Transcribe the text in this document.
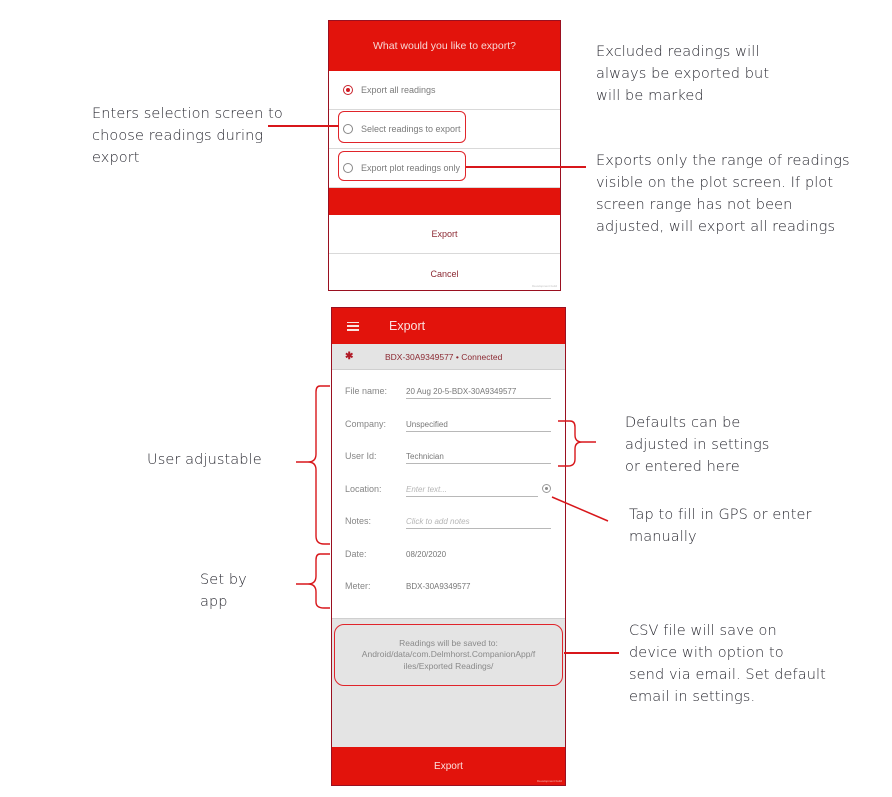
What would you like to export?
Export all readings
Select readings to export
Export plot readings only
Export
Cancel
Development build
Export
✱	BDX-30A9349577 • Connected
File name: 20 Aug 20-5-BDX-30A9349577
Company: Unspecified
User Id:	Technician
Location:	Enter text...
Notes:	Click to add notes
Date:	08/20/2020
Meter:	BDX-30A9349577
Readings will be saved to:
Android/data/com.Delmhorst.CompanionApp/f
iles/Exported Readings/
Export
Development build
Enters selection screen to
choose readings during
export
Excluded readings will
always be exported but
will be marked
Exports only the range of readings
visible on the plot screen. If plot
screen range has not been
adjusted, will export all readings
User adjustable
Set by
app
Defaults can be
adjusted in settings
or entered here
Tap to fill in GPS or enter
manually
CSV file will save on
device with option to
send via email. Set default
email in settings.
